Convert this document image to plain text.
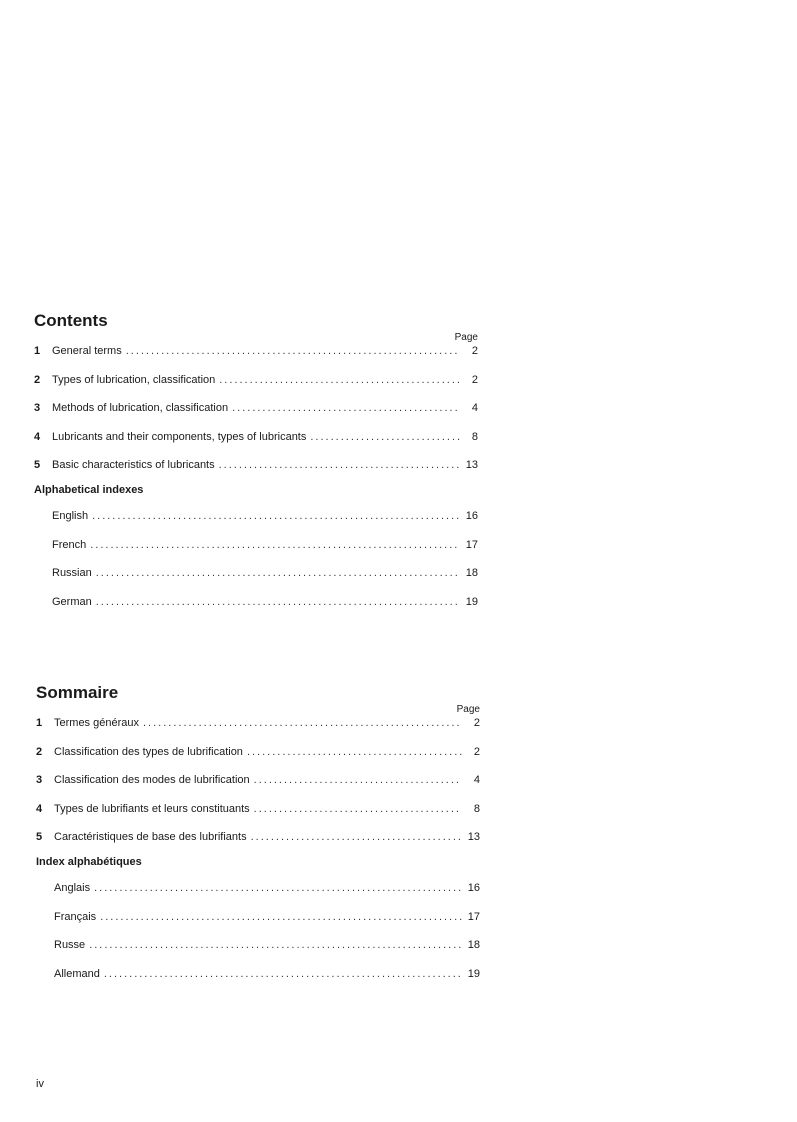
Contents
Page
1	General terms .....	2
2	Types of lubrication, classification .....	2
3	Methods of lubrication, classification .....	4
4	Lubricants and their components, types of lubricants .....	8
5	Basic characteristics of lubricants .....	13
Alphabetical indexes
English .....	16
French .....	17
Russian .....	18
German .....	19
Sommaire
Page
1	Termes généraux .....	2
2	Classification des types de lubrification .....	2
3	Classification des modes de lubrification .....	4
4	Types de lubrifiants et leurs constituants .....	8
5	Caractéristiques de base des lubrifiants .....	13
Index alphabétiques
Anglais .....	16
Français .....	17
Russe .....	18
Allemand .....	19
iv
